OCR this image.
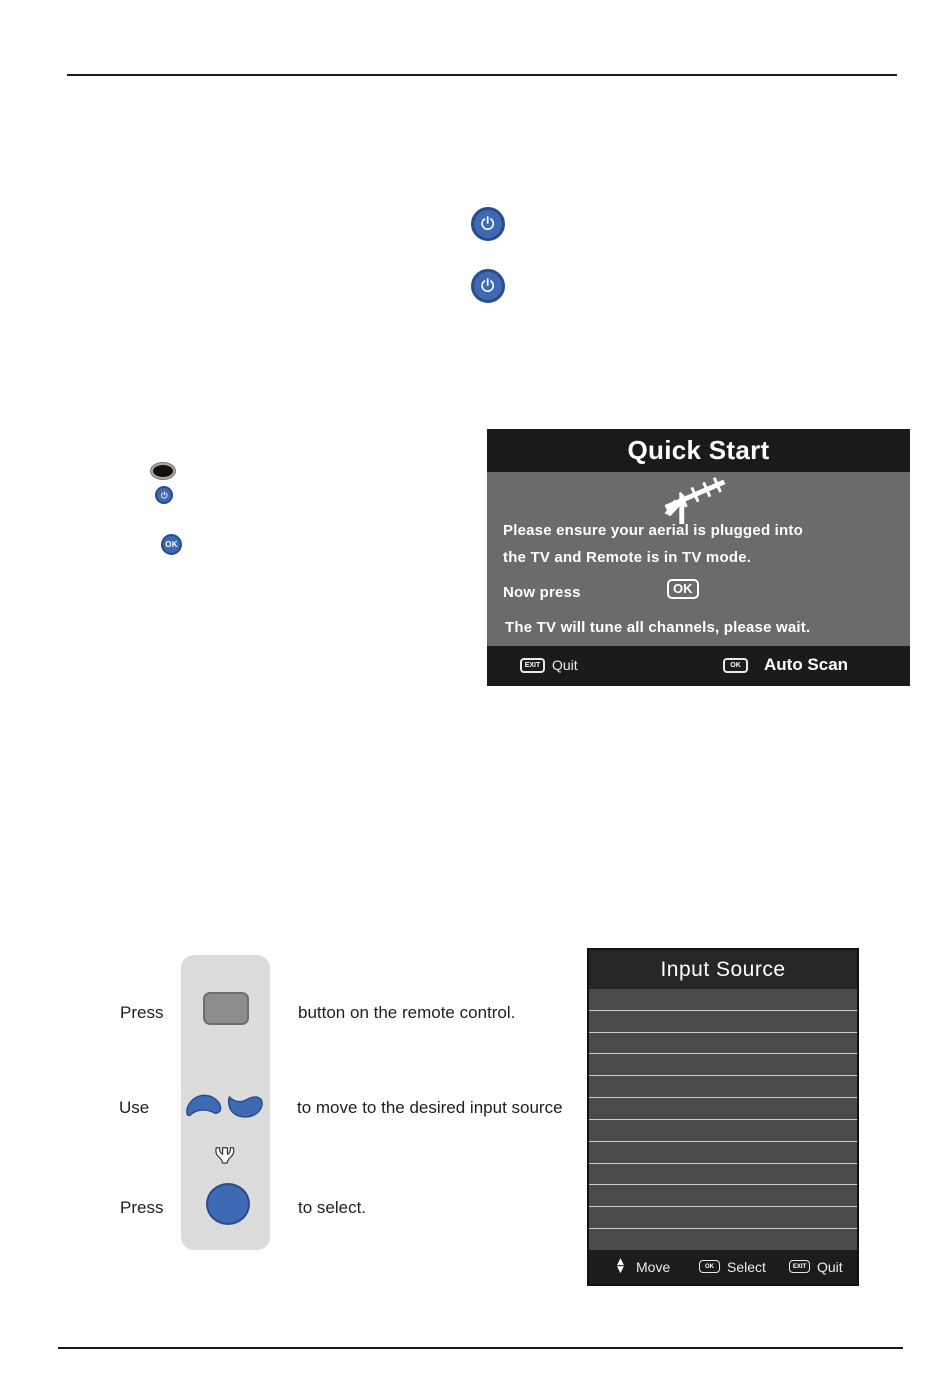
OK
Quick Start
Please ensure your aerial is plugged into
the TV and Remote is in TV mode.
Now press	OK
The TV will tune all channels, please wait.
EXIT Quit	OK	Auto Scan
Press	button on the remote control.
Use	to move to the desired input source
Press	to select.
Input Source
▲
▼ Move	OK Select	EXIT Quit
